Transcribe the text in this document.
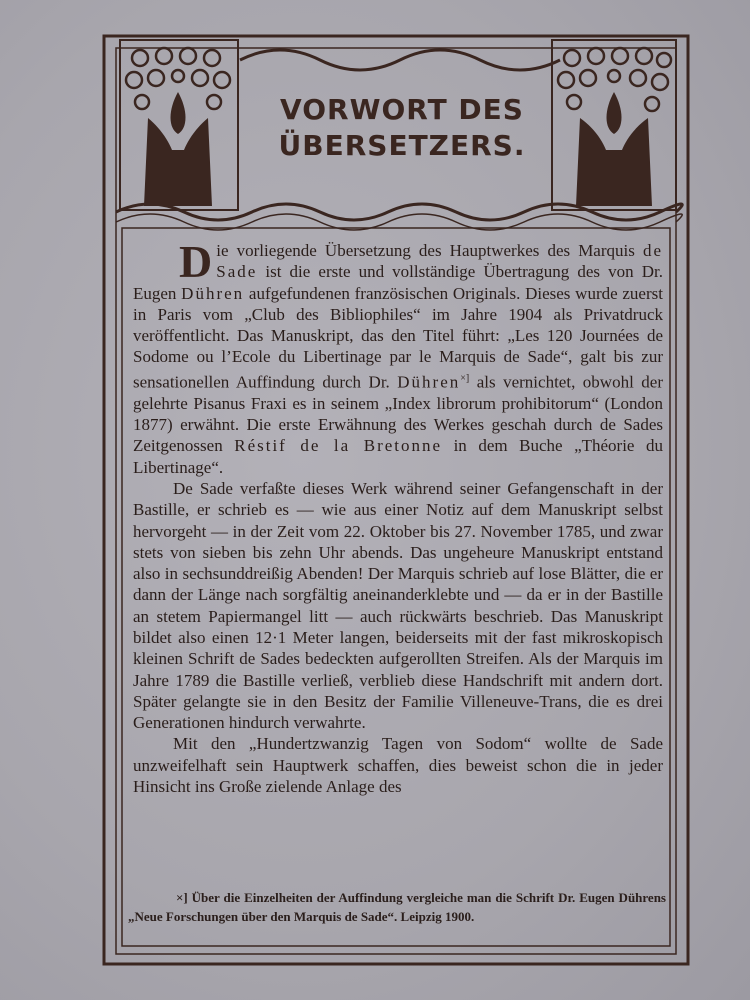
VORWORT DES
ÜBERSETZERS.

Die vorliegende Übersetzung des Hauptwerkes des Marquis de Sade ist die erste und vollständige Übertragung des von Dr. Eugen Dühren aufgefundenen französischen Originals. Dieses wurde zuerst in Paris vom „Club des Bibliophiles“ im Jahre 1904 als Privatdruck veröffentlicht. Das Manuskript, das den Titel führt: „Les 120 Journées de Sodome ou l’Ecole du Libertinage par le Marquis de Sade“, galt bis zur sensationellen Auffindung durch Dr. Dühren×] als vernichtet, obwohl der gelehrte Pisanus Fraxi es in seinem „Index librorum prohibitorum“ (London 1877) erwähnt. Die erste Erwähnung des Werkes geschah durch de Sades Zeitgenossen Réstif de la Bretonne in dem Buche „Théorie du Libertinage“.

De Sade verfaßte dieses Werk während seiner Gefangenschaft in der Bastille, er schrieb es — wie aus einer Notiz auf dem Manuskript selbst hervorgeht — in der Zeit vom 22. Oktober bis 27. November 1785, und zwar stets von sieben bis zehn Uhr abends. Das ungeheure Manuskript entstand also in sechsunddreißig Abenden! Der Marquis schrieb auf lose Blätter, die er dann der Länge nach sorgfältig aneinanderklebte und — da er in der Bastille an stetem Papiermangel litt — auch rückwärts beschrieb. Das Manuskript bildet also einen 12·1 Meter langen, beiderseits mit der fast mikroskopisch kleinen Schrift de Sades bedeckten aufgerollten Streifen. Als der Marquis im Jahre 1789 die Bastille verließ, verblieb diese Handschrift mit andern dort. Später gelangte sie in den Besitz der Familie Villeneuve-Trans, die es drei Generationen hindurch verwahrte.

Mit den „Hundertzwanzig Tagen von Sodom“ wollte de Sade unzweifelhaft sein Hauptwerk schaffen, dies beweist schon die in jeder Hinsicht ins Große zielende Anlage des

×] Über die Einzelheiten der Auffindung vergleiche man die Schrift Dr. Eugen Dührens „Neue Forschungen über den Marquis de Sade“. Leipzig 1900.
